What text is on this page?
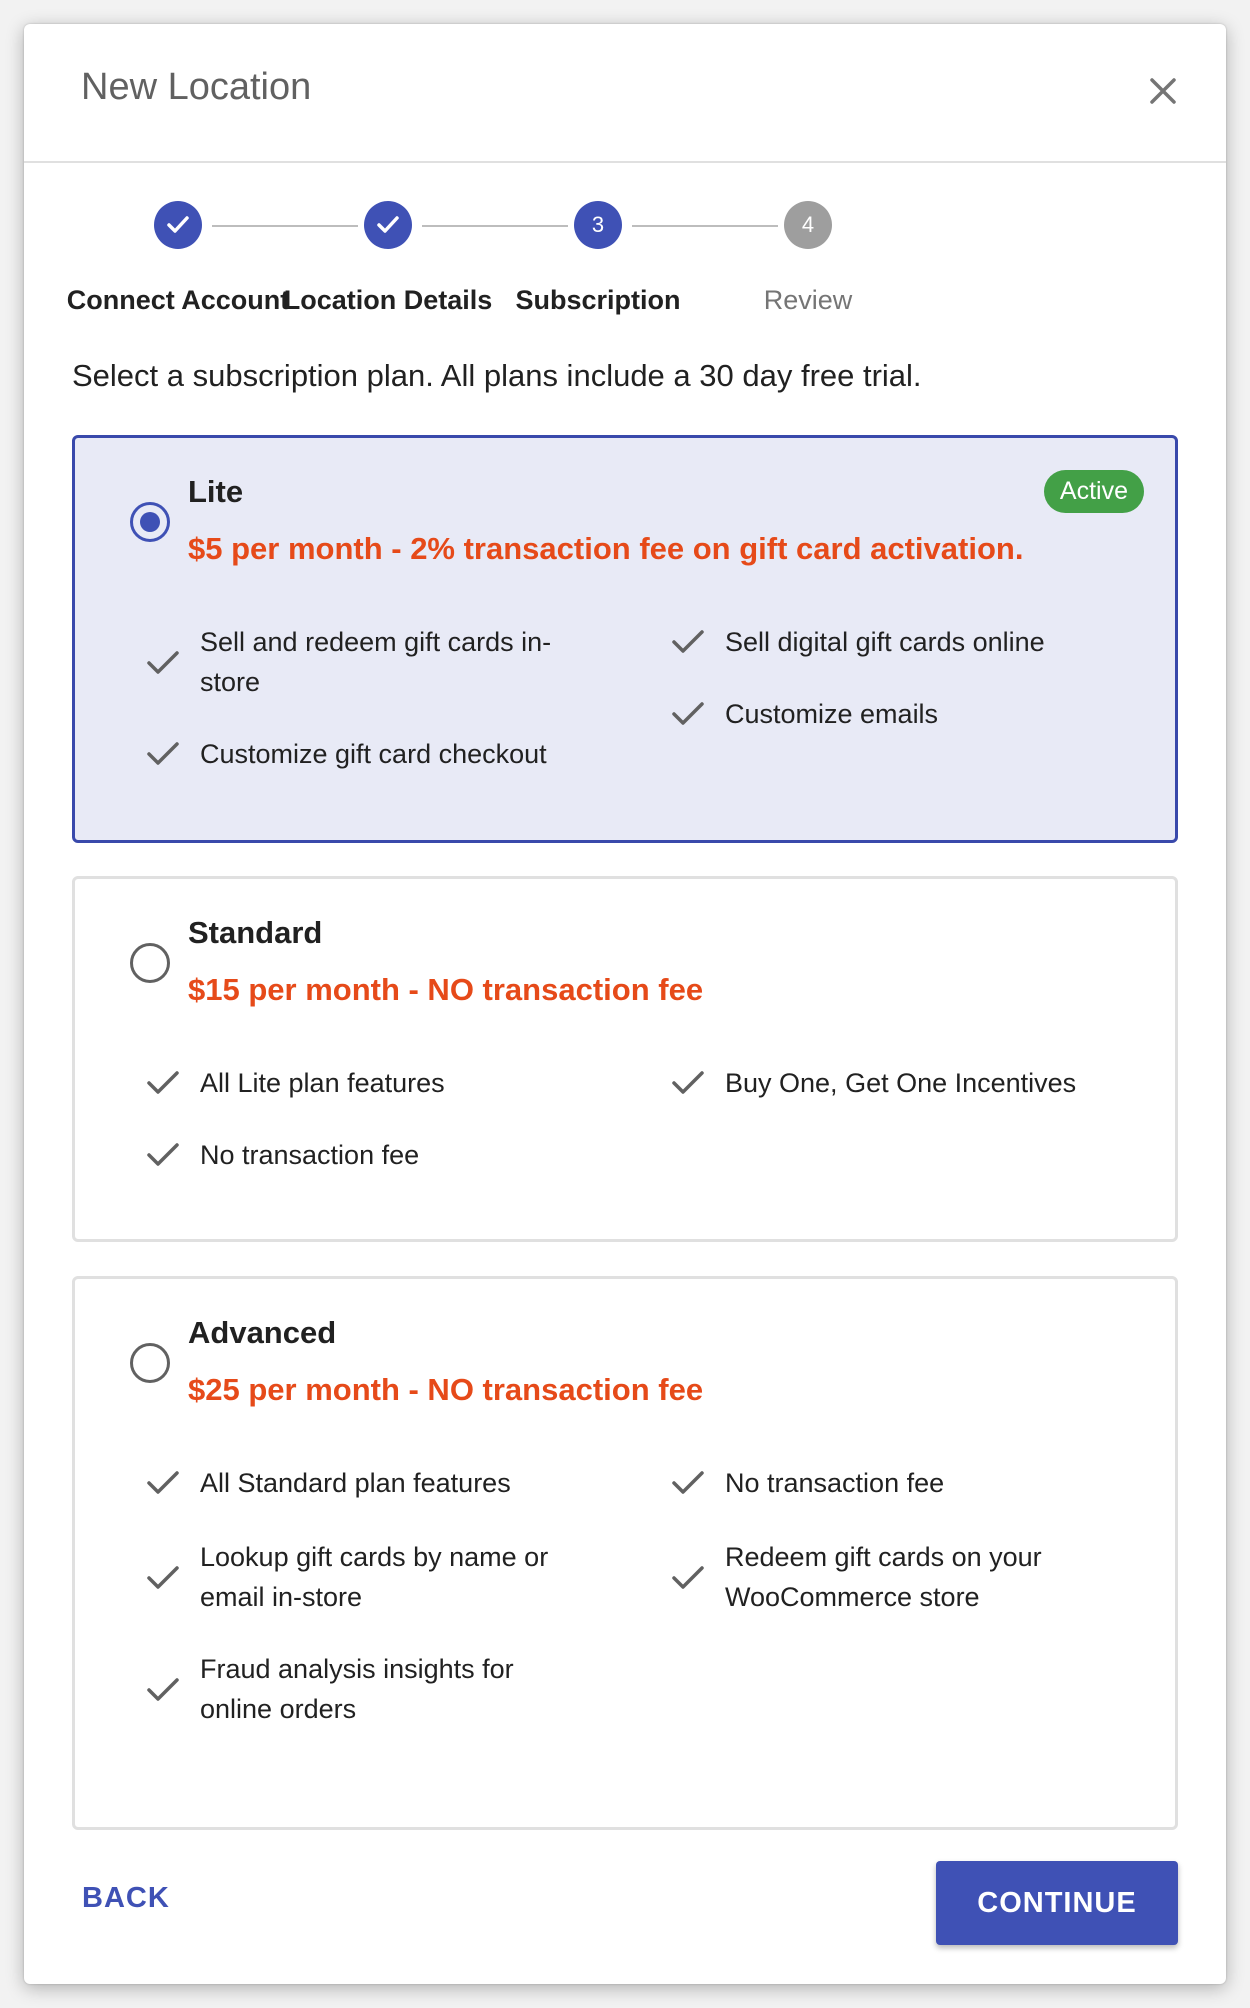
New Location
3	4
Connect Account
Location Details Subscription	Review
Select a subscription plan. All plans include a 30 day free trial.
Lite	Active
$5 per month - 2% transaction fee on gift card activation.
Sell and redeem gift cards in-store
Customize gift card checkout
Sell digital gift cards online
Customize emails
Standard
$15 per month - NO transaction fee
All Lite plan features
No transaction fee
Buy One, Get One Incentives
Advanced
$25 per month - NO transaction fee
All Standard plan features
Lookup gift cards by name or email in-store
Fraud analysis insights for online orders
No transaction fee
Redeem gift cards on your WooCommerce store
BACK	CONTINUE
